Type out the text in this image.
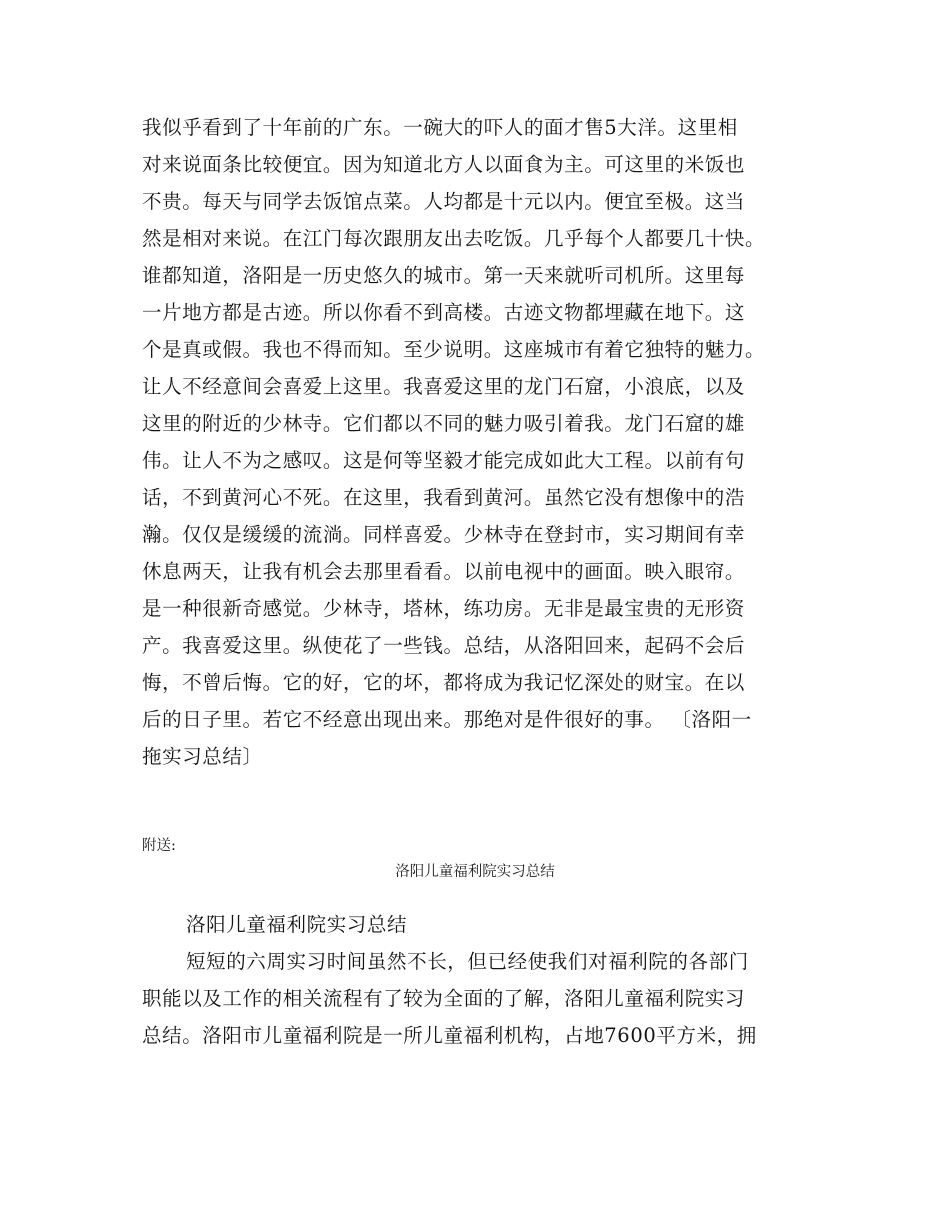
我似乎看到了十年前的广东。一碗大的吓人的面才售5大洋。这里相
对来说面条比较便宜。因为知道北方人以面食为主。可这里的米饭也
不贵。每天与同学去饭馆点菜。人均都是十元以内。便宜至极。这当
然是相对来说。在江门每次跟朋友出去吃饭。几乎每个人都要几十快。
谁都知道，洛阳是一历史悠久的城市。第一天来就听司机所。这里每
一片地方都是古迹。所以你看不到高楼。古迹文物都埋藏在地下。这
个是真或假。我也不得而知。至少说明。这座城市有着它独特的魅力。
让人不经意间会喜爱上这里。我喜爱这里的龙门石窟，小浪底，以及
这里的附近的少林寺。它们都以不同的魅力吸引着我。龙门石窟的雄
伟。让人不为之感叹。这是何等坚毅才能完成如此大工程。以前有句
话，不到黄河心不死。在这里，我看到黄河。虽然它没有想像中的浩
瀚。仅仅是缓缓的流淌。同样喜爱。少林寺在登封市，实习期间有幸
休息两天，让我有机会去那里看看。以前电视中的画面。映入眼帘。
是一种很新奇感觉。少林寺，塔林，练功房。无非是最宝贵的无形资
产。我喜爱这里。纵使花了一些钱。总结，从洛阳回来，起码不会后
悔，不曾后悔。它的好，它的坏，都将成为我记忆深处的财宝。在以
后的日子里。若它不经意出现出来。那绝对是件很好的事。 〔洛阳一
拖实习总结〕
附送:
洛阳儿童福利院实习总结
洛阳儿童福利院实习总结
短短的六周实习时间虽然不长，但已经使我们对福利院的各部门
职能以及工作的相关流程有了较为全面的了解，洛阳儿童福利院实习
总结。洛阳市儿童福利院是一所儿童福利机构，占地7600平方米，拥
